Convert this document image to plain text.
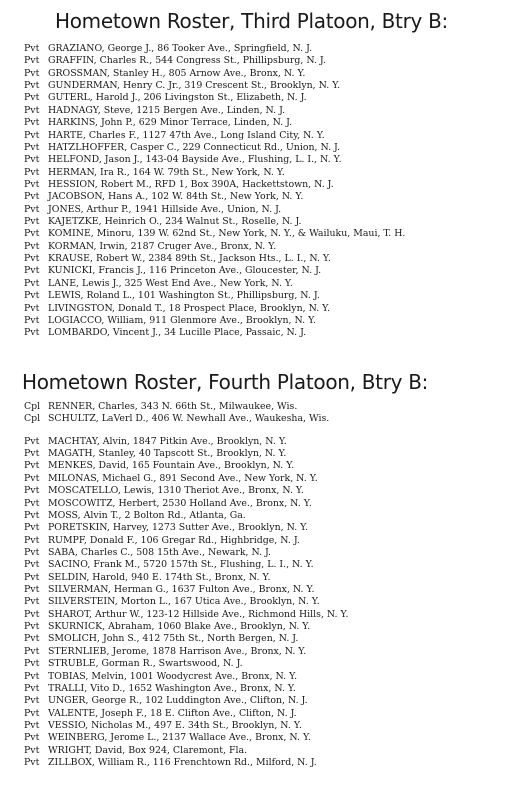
Hometown Roster, Third Platoon, Btry B:
Pvt GRAZIANO, George J., 86 Tooker Ave., Springfield, N. J.
Pvt GRAFFIN, Charles R., 544 Congress St., Phillipsburg, N. J.
Pvt GROSSMAN, Stanley H., 805 Arnow Ave., Bronx, N. Y.
Pvt GUNDERMAN, Henry C. Jr., 319 Crescent St., Brooklyn, N. Y.
Pvt GUTERL, Harold J., 206 Livingston St., Elizabeth, N. J.
Pvt HADNAGY, Steve, 1215 Bergen Ave., Linden, N. J.
Pvt HARKINS, John P., 629 Minor Terrace, Linden, N. J.
Pvt HARTE, Charles F., 1127 47th Ave., Long Island City, N. Y.
Pvt HATZLHOFFER, Casper C., 229 Connecticut Rd., Union, N. J.
Pvt HELFOND, Jason J., 143-04 Bayside Ave., Flushing, L. I., N. Y.
Pvt HERMAN, Ira R., 164 W. 79th St., New York, N. Y.
Pvt HESSION, Robert M., RFD 1, Box 390A, Hackettstown, N. J.
Pvt JACOBSON, Hans A., 102 W. 84th St., New York, N. Y.
Pvt JONES, Arthur P., 1941 Hillside Ave., Union, N. J.
Pvt KAJETZKE, Heinrich O., 234 Walnut St., Roselle, N. J.
Pvt KOMINE, Minoru, 139 W. 62nd St., New York, N. Y., & Wailuku, Maui, T. H.
Pvt KORMAN, Irwin, 2187 Cruger Ave., Bronx, N. Y.
Pvt KRAUSE, Robert W., 2384 89th St., Jackson Hts., L. I., N. Y.
Pvt KUNICKI, Francis J., 116 Princeton Ave., Gloucester, N. J.
Pvt LANE, Lewis J., 325 West End Ave., New York, N. Y.
Pvt LEWIS, Roland L., 101 Washington St., Phillipsburg, N. J.
Pvt LIVINGSTON, Donald T., 18 Prospect Place, Brooklyn, N. Y.
Pvt LOGIACCO, William, 911 Glenmore Ave., Brooklyn, N. Y.
Pvt LOMBARDO, Vincent J., 34 Lucille Place, Passaic, N. J.
Hometown Roster, Fourth Platoon, Btry B:
Cpl RENNER, Charles, 343 N. 66th St., Milwaukee, Wis.
Cpl SCHULTZ, LaVerl D., 406 W. Newhall Ave., Waukesha, Wis.
Pvt MACHTAY, Alvin, 1847 Pitkin Ave., Brooklyn, N. Y.
Pvt MAGATH, Stanley, 40 Tapscott St., Brooklyn, N. Y.
Pvt MENKES, David, 165 Fountain Ave., Brooklyn, N. Y.
Pvt MILONAS, Michael G., 891 Second Ave., New York, N. Y.
Pvt MOSCATELLO, Lewis, 1310 Theriot Ave., Bronx, N. Y.
Pvt MOSCOWITZ, Herbert, 2530 Holland Ave., Bronx, N. Y.
Pvt MOSS, Alvin T., 2 Bolton Rd., Atlanta, Ga.
Pvt PORETSKIN, Harvey, 1273 Sutter Ave., Brooklyn, N. Y.
Pvt RUMPF, Donald F., 106 Gregar Rd., Highbridge, N. J.
Pvt SABA, Charles C., 508 15th Ave., Newark, N. J.
Pvt SACINO, Frank M., 5720 157th St., Flushing, L. I., N. Y.
Pvt SELDIN, Harold, 940 E. 174th St., Bronx, N. Y.
Pvt SILVERMAN, Herman G., 1637 Fulton Ave., Bronx, N. Y.
Pvt SILVERSTEIN, Morton L., 167 Utica Ave., Brooklyn, N. Y.
Pvt SHAROT, Arthur W., 123-12 Hillside Ave., Richmond Hills, N. Y.
Pvt SKURNICK, Abraham, 1060 Blake Ave., Brooklyn, N. Y.
Pvt SMOLICH, John S., 412 75th St., North Bergen, N. J.
Pvt STERNLIEB, Jerome, 1878 Harrison Ave., Bronx, N. Y.
Pvt STRUBLE, Gorman R., Swartswood, N. J.
Pvt TOBIAS, Melvin, 1001 Woodycrest Ave., Bronx, N. Y.
Pvt TRALLI, Vito D., 1652 Washington Ave., Bronx, N. Y.
Pvt UNGER, George R., 102 Luddington Ave., Clifton, N. J.
Pvt VALENTE, Joseph F., 18 E. Clifton Ave., Clifton, N. J.
Pvt VESSIO, Nicholas M., 497 E. 34th St., Brooklyn, N. Y.
Pvt WEINBERG, Jerome L., 2137 Wallace Ave., Bronx, N. Y.
Pvt WRIGHT, David, Box 924, Claremont, Fla.
Pvt ZILLBOX, William R., 116 Frenchtown Rd., Milford, N. J.
